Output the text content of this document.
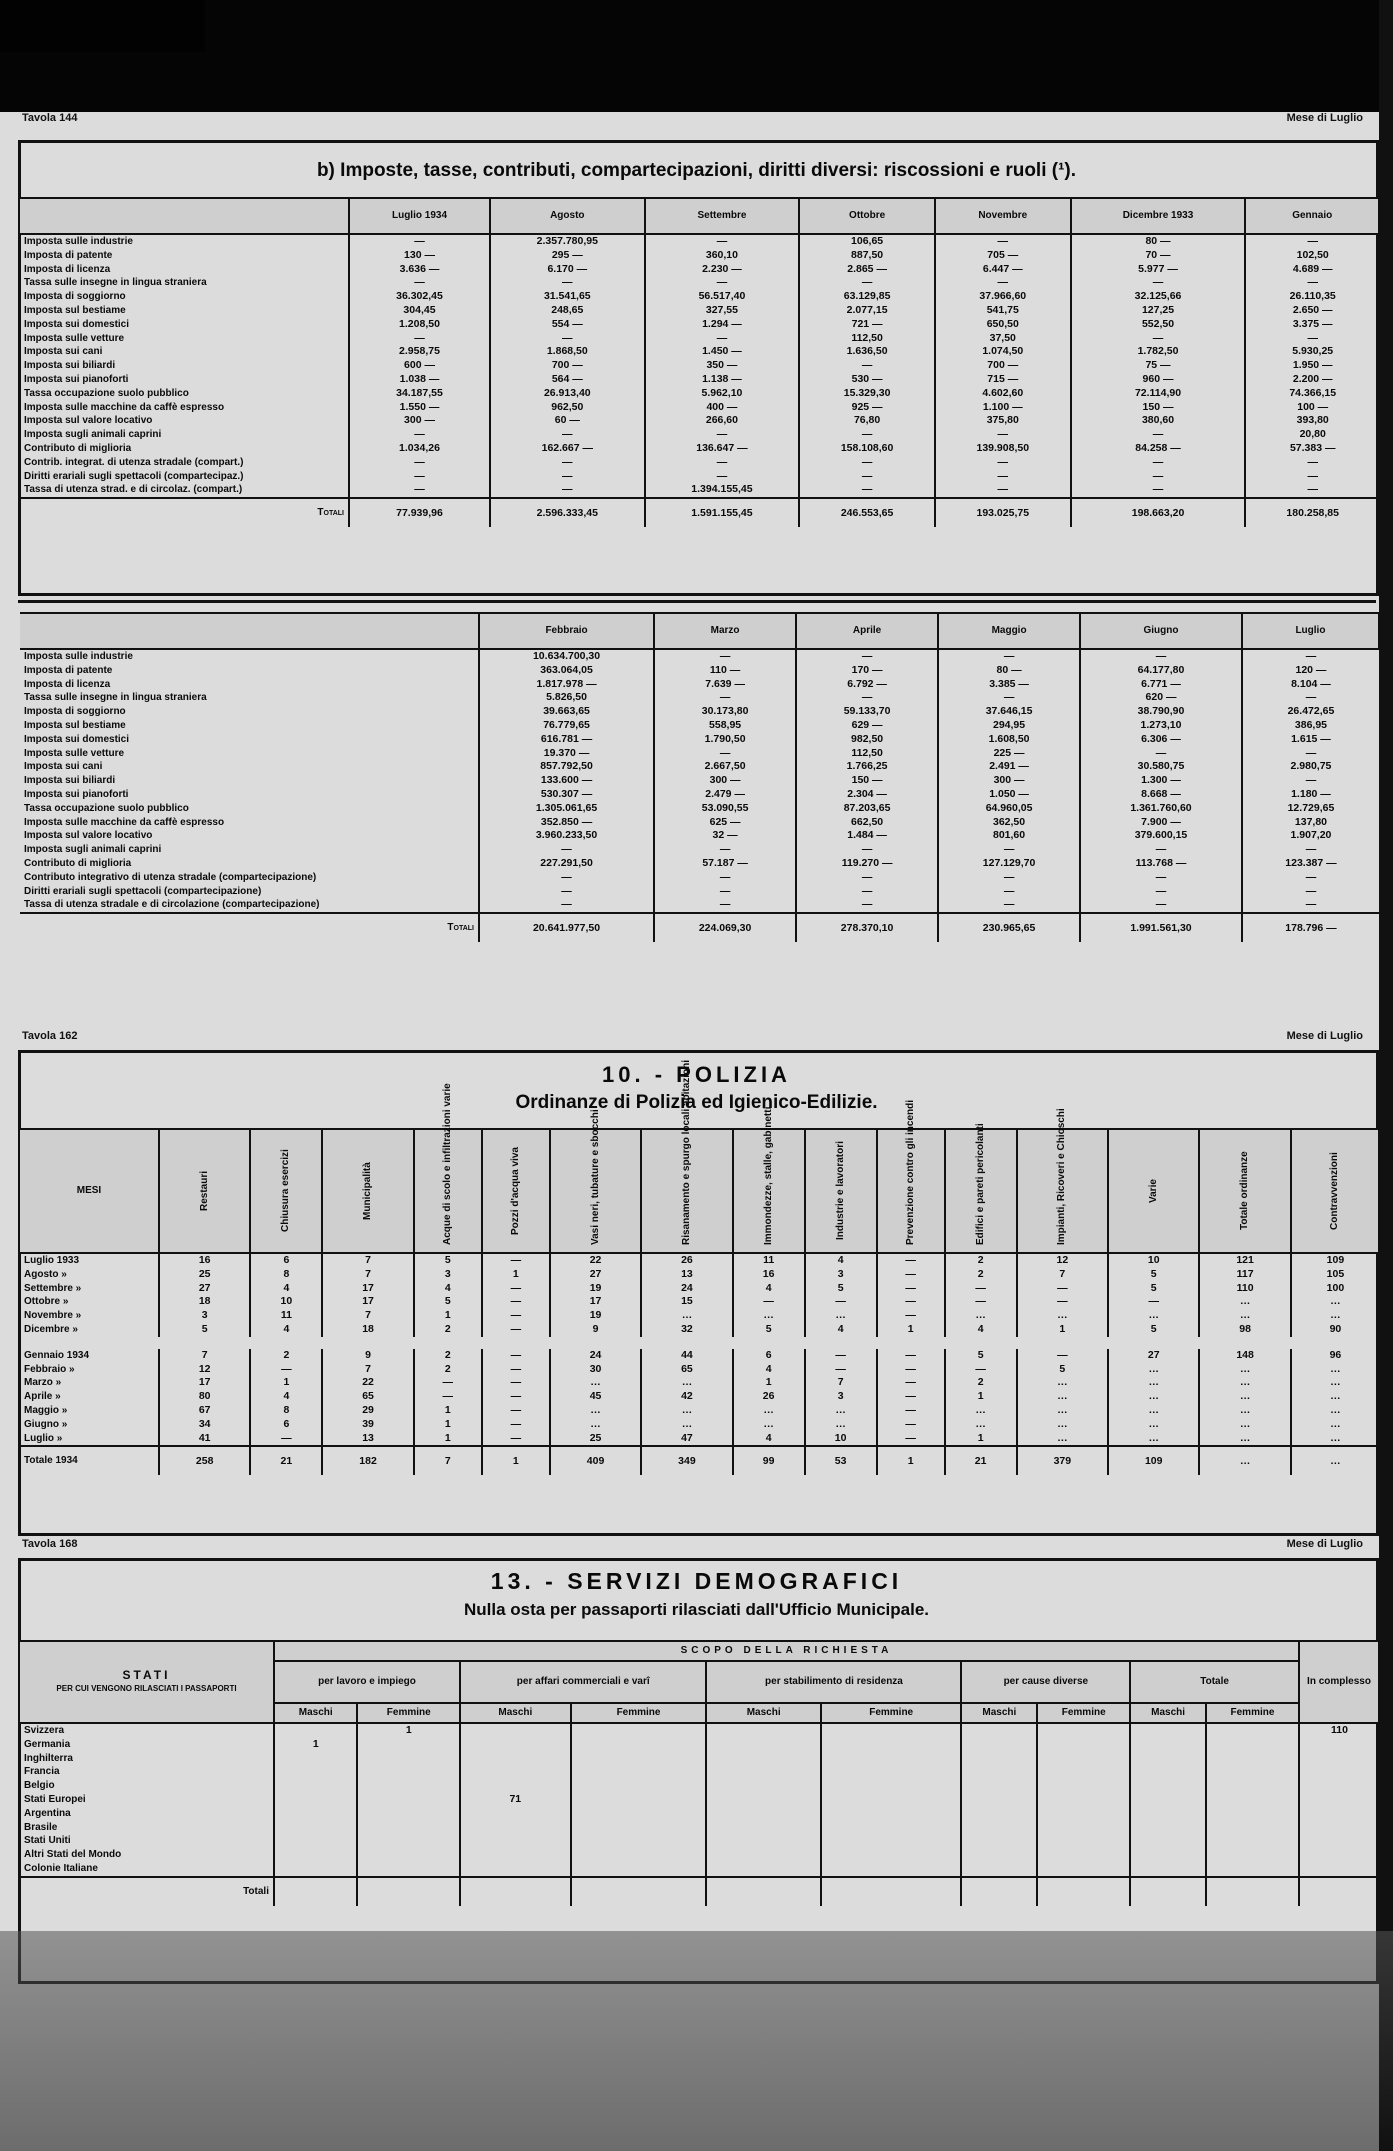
Tavola 144	Mese di Luglio
b) Imposte, tasse, contributi, compartecipazioni, diritti diversi: riscossioni e ruoli (¹).
	Luglio 1934	Agosto	Settembre	Ottobre	Novembre	Dicembre 1933	Gennaio
Imposta sulle industrie	—	2.357.780,95	—	106,65	—	80 —	—
Imposta di patente	130 —	295 —	360,10	887,50	705 —	70 —	102,50
Imposta di licenza	3.636 —	6.170 —	2.230 —	2.865 —	6.447 —	5.977 —	4.689 —
Tassa sulle insegne in lingua straniera	—	—	—	—	—	—	—
Imposta di soggiorno	36.302,45	31.541,65	56.517,40	63.129,85	37.966,60	32.125,66	26.110,35
Imposta sul bestiame	304,45	248,65	327,55	2.077,15	541,75	127,25	2.650 —
Imposta sui domestici	1.208,50	554 —	1.294 —	721 —	650,50	552,50	3.375 —
Imposta sulle vetture	—	—	—	112,50	37,50	—	—
Imposta sui cani	2.958,75	1.868,50	1.450 —	1.636,50	1.074,50	1.782,50	5.930,25
Imposta sui biliardi	600 —	700 —	350 —	—	700 —	75 —	1.950 —
Imposta sui pianoforti	1.038 —	564 —	1.138 —	530 —	715 —	960 —	2.200 —
Tassa occupazione suolo pubblico	34.187,55	26.913,40	5.962,10	15.329,30	4.602,60	72.114,90	74.366,15
Imposta sulle macchine da caffè espresso	1.550 —	962,50	400 —	925 —	1.100 —	150 —	100 —
Imposta sul valore locativo	300 —	60 —	266,60	76,80	375,80	380,60	393,80
Imposta sugli animali caprini	—	—	—	—	—	—	20,80
Contributo di miglioria	1.034,26	162.667 —	136.647 —	158.108,60	139.908,50	84.258 —	57.383 —
Contrib. integrat. di utenza stradale (compart.)	—	—	—	—	—	—	—
Diritti erariali sugli spettacoli (compartecipaz.)	—	—	—	—	—	—	—
Tassa di utenza strad. e di circolaz. (compart.)	—	—	1.394.155,45	—	—	—	—
Totali	77.939,96	2.596.333,45	1.591.155,45	246.553,65	193.025,75	198.663,20	180.258,85
	Febbraio	Marzo	Aprile	Maggio	Giugno	Luglio
Imposta sulle industrie	10.634.700,30	—	—	—	—	—
Imposta di patente	363.064,05	110 —	170 —	80 —	64.177,80	120 —
Imposta di licenza	1.817.978 —	7.639 —	6.792 —	3.385 —	6.771 —	8.104 —
Tassa sulle insegne in lingua straniera	5.826,50	—	—	—	620 —	—
Imposta di soggiorno	39.663,65	30.173,80	59.133,70	37.646,15	38.790,90	26.472,65
Imposta sul bestiame	76.779,65	558,95	629 —	294,95	1.273,10	386,95
Imposta sui domestici	616.781 —	1.790,50	982,50	1.608,50	6.306 —	1.615 —
Imposta sulle vetture	19.370 —	—	112,50	225 —	—	—
Imposta sui cani	857.792,50	2.667,50	1.766,25	2.491 —	30.580,75	2.980,75
Imposta sui biliardi	133.600 —	300 —	150 —	300 —	1.300 —	—
Imposta sui pianoforti	530.307 —	2.479 —	2.304 —	1.050 —	8.668 —	1.180 —
Tassa occupazione suolo pubblico	1.305.061,65	53.090,55	87.203,65	64.960,05	1.361.760,60	12.729,65
Imposta sulle macchine da caffè espresso	352.850 —	625 —	662,50	362,50	7.900 —	137,80
Imposta sul valore locativo	3.960.233,50	32 —	1.484 —	801,60	379.600,15	1.907,20
Imposta sugli animali caprini	—	—	—	—	—	—
Contributo di miglioria	227.291,50	57.187 —	119.270 —	127.129,70	113.768 —	123.387 —
Contributo integrativo di utenza stradale (compartecipazione)	—	—	—	—	—	—
Diritti erariali sugli spettacoli (compartecipazione)	—	—	—	—	—	—
Tassa di utenza stradale e di circolazione (compartecipazione)	—	—	—	—	—	—
Totali	20.641.977,50	224.069,30	278.370,10	230.965,65	1.991.561,30	178.796 —
Tavola 162	Mese di Luglio
10. - POLIZIA
Ordinanze di Polizia ed Igienico-Edilizie.
MESI	Restauri	Chiusura esercizi	Municipalità	Acque di scolo e infiltrazioni varie	Pozzi d'acqua viva	Vasi neri, tubature e sbocchi	Risanamento e spurgo locali abitazioni	Immondezze, stalle, gabinetti	Industrie e lavoratori	Prevenzione contro gli incendi	Edifici e pareti pericolanti	Impianti, Ricoveri e Chioschi	Varie	Totale ordinanze	Contravvenzioni

Luglio 1933	16	6	7	5	—	22	26	11	4	—	2	12	10	121	109
Agosto »	25	8	7	3	1	27	13	16	3	—	2	7	5	117	105
Settembre »	27	4	17	4	—	19	24	4	5	—	—	—	5	110	100
Ottobre »	18	10	17	5	—	17	15	—	—	—	—	—	—	…	…
Novembre »	3	11	7	1	—	19	…	…	…	—	…	…	…	…	…
Dicembre »	5	4	18	2	—	9	32	5	4	1	4	1	5	98	90
Gennaio 1934	7	2	9	2	—	24	44	6	—	—	5	—	27	148	96
Febbraio »	12	—	7	2	—	30	65	4	—	—	—	5	…	…	…
Marzo »	17	1	22	—	—	…	…	1	7	—	2	…	…	…	…
Aprile »	80	4	65	—	—	45	42	26	3	—	1	…	…	…	…
Maggio »	67	8	29	1	—	…	…	…	…	—	…	…	…	…	…
Giugno »	34	6	39	1	—	…	…	…	…	—	…	…	…	…	…
Luglio »	41	—	13	1	—	25	47	4	10	—	1	…	…	…	…
Totale 1934	258	21	182	7	1	409	349	99	53	1	21	379	109	…	…
Tavola 168	Mese di Luglio
13. - SERVIZI DEMOGRAFICI
Nulla osta per passaporti rilasciati dall'Ufficio Municipale.
STATI
PER CUI VENGONO RILASCIATI I PASSAPORTI	SCOPO DELLA RICHIESTA										In complesso
	per lavoro e impiego		per affari commerciali e varî		per stabilimento di residenza		per cause diverse		Totale		
	Maschi	Femmine	Maschi	Femmine	Maschi	Femmine	Maschi	Femmine	Maschi	Femmine	
Svizzera		1									110
Germania	1										
Inghilterra											
Francia											
Belgio											
Stati Europei			71								
Argentina											
Brasile											
Stati Uniti											
Altri Stati del Mondo											
Colonie Italiane											
Totali											
